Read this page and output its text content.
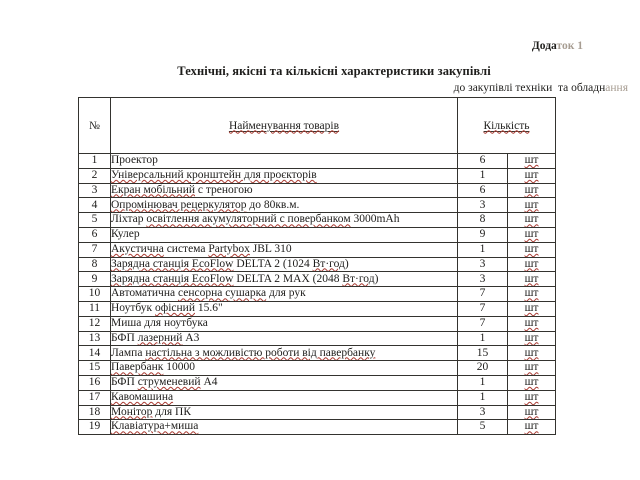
Додаток 1

до закупівлі техніки  та обладнання

Технічні, якісні та кількісні характеристики закупівлі
№	Найменування товарів	Кількість	
1	Проектор	6	шт
2	Універсальний кронштейн для проєкторів	1	шт
3	Екран мобільний с треногою	6	шт
4	Опромінювач рецеркулятор до 80кв.м.	3	шт
5	Ліхтар освітлення акумуляторний с повербанком 3000mAh	8	шт
6	Кулер	9	шт
7	Акустична система Partybox JBL 310	1	шт
8	Зарядна станція EcoFlow DELTA 2 (1024 Вт·год)	3	шт
9	Зарядна станція EcoFlow DELTA 2 MAX (2048 Вт·год)	3	шт
10	Автоматична сенсорна сушарка для рук	7	шт
11	Ноутбук офісний 15.6"	7	шт
12	Миша для ноутбука	7	шт
13	БФП лазерний А3	1	шт
14	Лампа настільна з можливістю роботи від павербанку	15	шт
15	Павербанк 10000	20	шт
16	БФП струменевий А4	1	шт
17	Кавомашина	1	шт
18	Монітор для ПК	3	шт
19	Клавіатура+миша	5	шт
